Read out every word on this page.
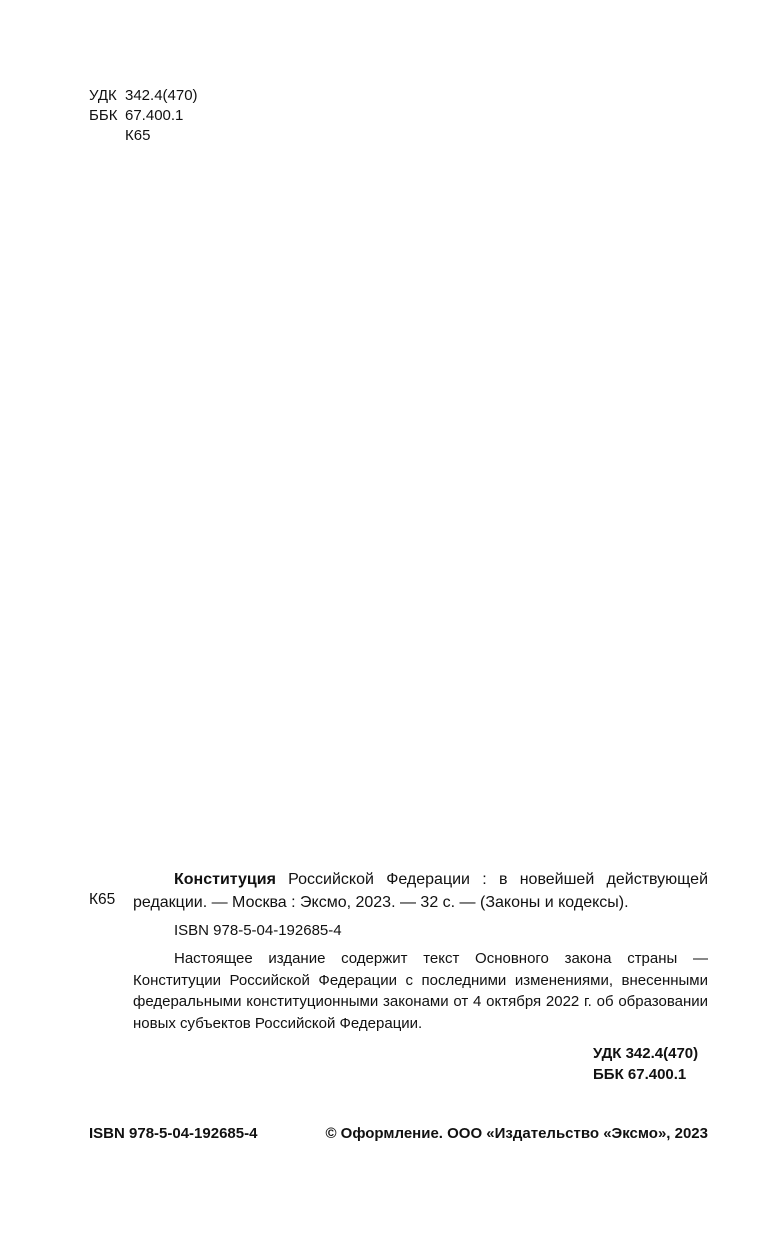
УДК 342.4(470)
ББК 67.400.1
К65
К65
Конституция Российской Федерации : в новейшей действующей редакции. — Москва : Эксмо, 2023. — 32 с. — (Законы и кодексы).
ISBN 978-5-04-192685-4
Настоящее издание содержит текст Основного закона страны — Конституции Российской Федерации с последними изменениями, внесенными федеральными конституционными законами от 4 октября 2022 г. об образовании новых субъектов Российской Федерации.
УДК 342.4(470)
ББК 67.400.1
ISBN 978-5-04-192685-4	© Оформление. ООО «Издательство «Эксмо», 2023
